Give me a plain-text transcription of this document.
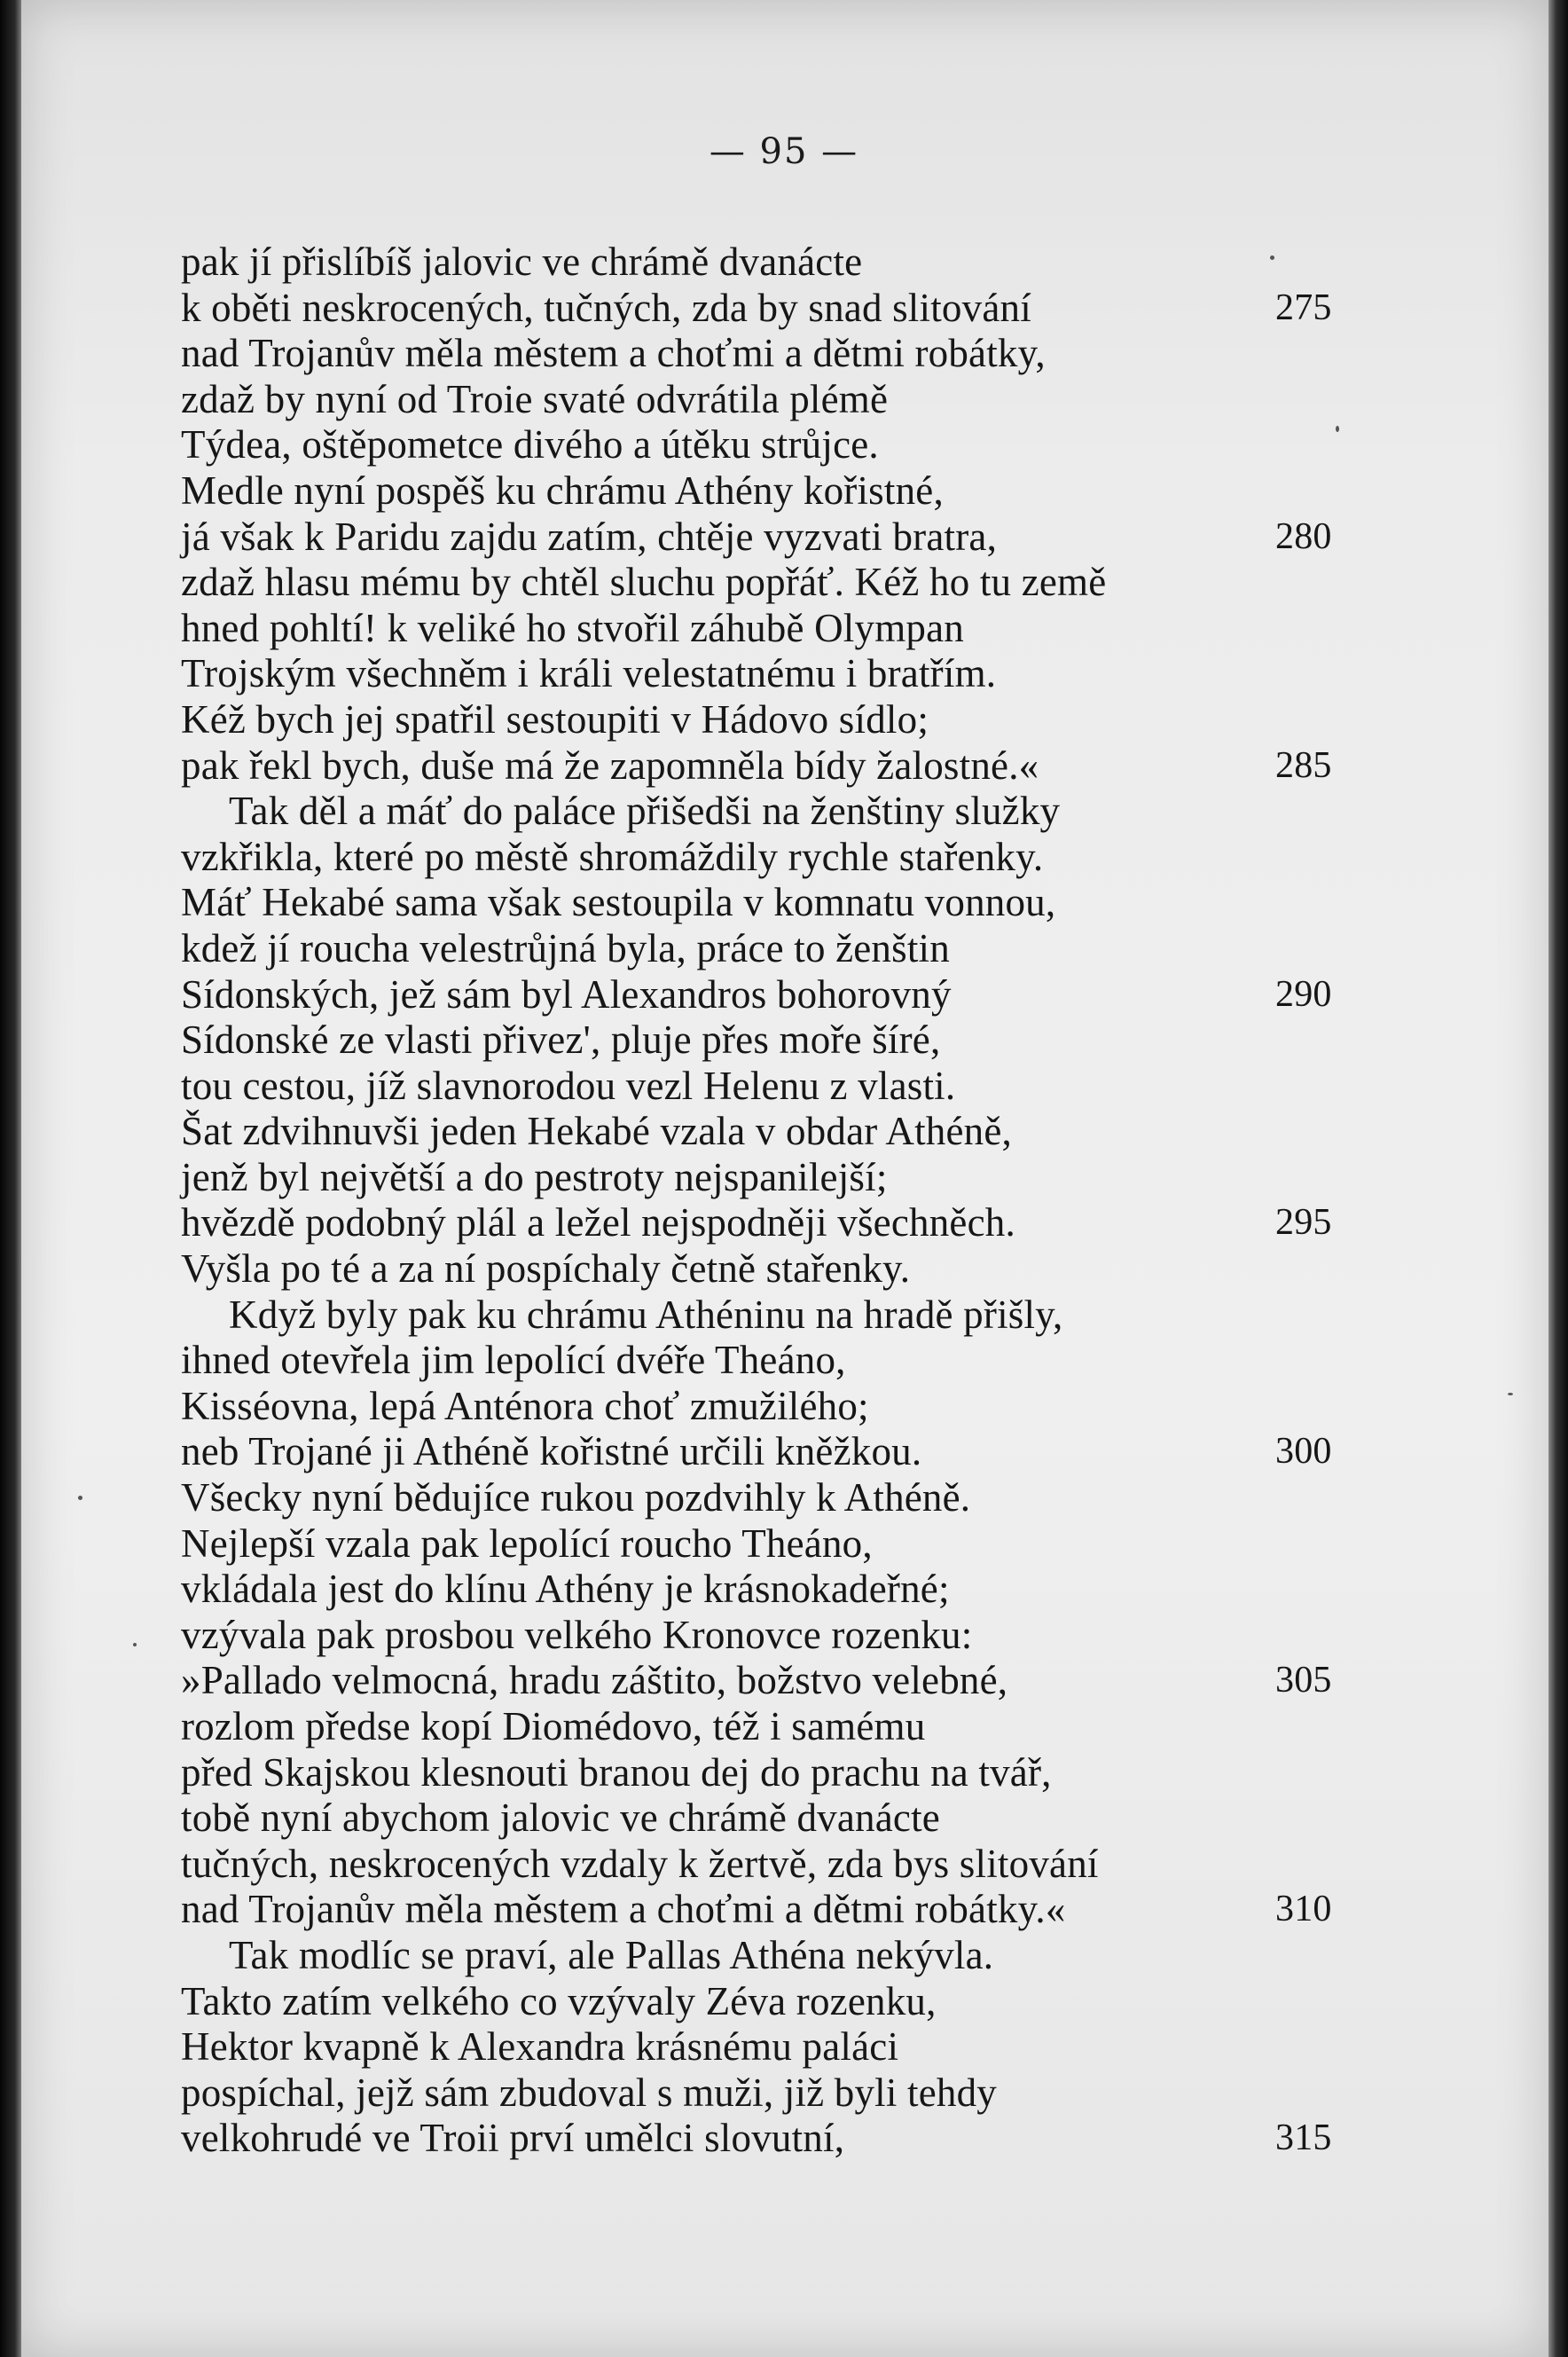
— 95 —
pak jí přislíbíš jalovic ve chrámě dvanácte
k oběti neskrocených, tučných, zda by snad slitování	275
nad Trojanův měla městem a choťmi a dětmi robátky,
zdaž by nyní od Troie svaté odvrátila plémě
Týdea, oštěpometce divého a útěku strůjce.
Medle nyní pospěš ku chrámu Athény kořistné,
já však k Paridu zajdu zatím, chtěje vyzvati bratra,	280
zdaž hlasu mému by chtěl sluchu popřáť. Kéž ho tu země
hned pohltí! k veliké ho stvořil záhubě Olympan
Trojským všechněm i králi velestatnému i bratřím.
Kéž bych jej spatřil sestoupiti v Hádovo sídlo;
pak řekl bych, duše má že zapomněla bídy žalostné.«	285
Tak děl a máť do paláce přišedši na ženštiny služky
vzkřikla, které po městě shromáždily rychle stařenky.
Máť Hekabé sama však sestoupila v komnatu vonnou,
kdež jí roucha velestrůjná byla, práce to ženštin
Sídonských, jež sám byl Alexandros bohorovný	290
Sídonské ze vlasti přivez', pluje přes moře šíré,
tou cestou, jíž slavnorodou vezl Helenu z vlasti.
Šat zdvihnuvši jeden Hekabé vzala v obdar Athéně,
jenž byl největší a do pestroty nejspanilejší;
hvězdě podobný plál a ležel nejspodněji všechněch.	295
Vyšla po té a za ní pospíchaly četně stařenky.
Když byly pak ku chrámu Athéninu na hradě přišly,
ihned otevřela jim lepolící dvéře Theáno,
Kisséovna, lepá Anténora choť zmužilého;
neb Trojané ji Athéně kořistné určili kněžkou.	300
Všecky nyní bědujíce rukou pozdvihly k Athéně.
Nejlepší vzala pak lepolící roucho Theáno,
vkládala jest do klínu Athény je krásnokadeřné;
vzývala pak prosbou velkého Kronovce rozenku:
»Pallado velmocná, hradu záštito, božstvo velebné,	305
rozlom předse kopí Diomédovo, též i samému
před Skajskou klesnouti branou dej do prachu na tvář,
tobě nyní abychom jalovic ve chrámě dvanácte
tučných, neskrocených vzdaly k žertvě, zda bys slitování
nad Trojanův měla městem a choťmi a dětmi robátky.«	310
Tak modlíc se praví, ale Pallas Athéna nekývla.
Takto zatím velkého co vzývaly Zéva rozenku,
Hektor kvapně k Alexandra krásnému paláci
pospíchal, jejž sám zbudoval s muži, již byli tehdy
velkohrudé ve Troii prví umělci slovutní,	315
